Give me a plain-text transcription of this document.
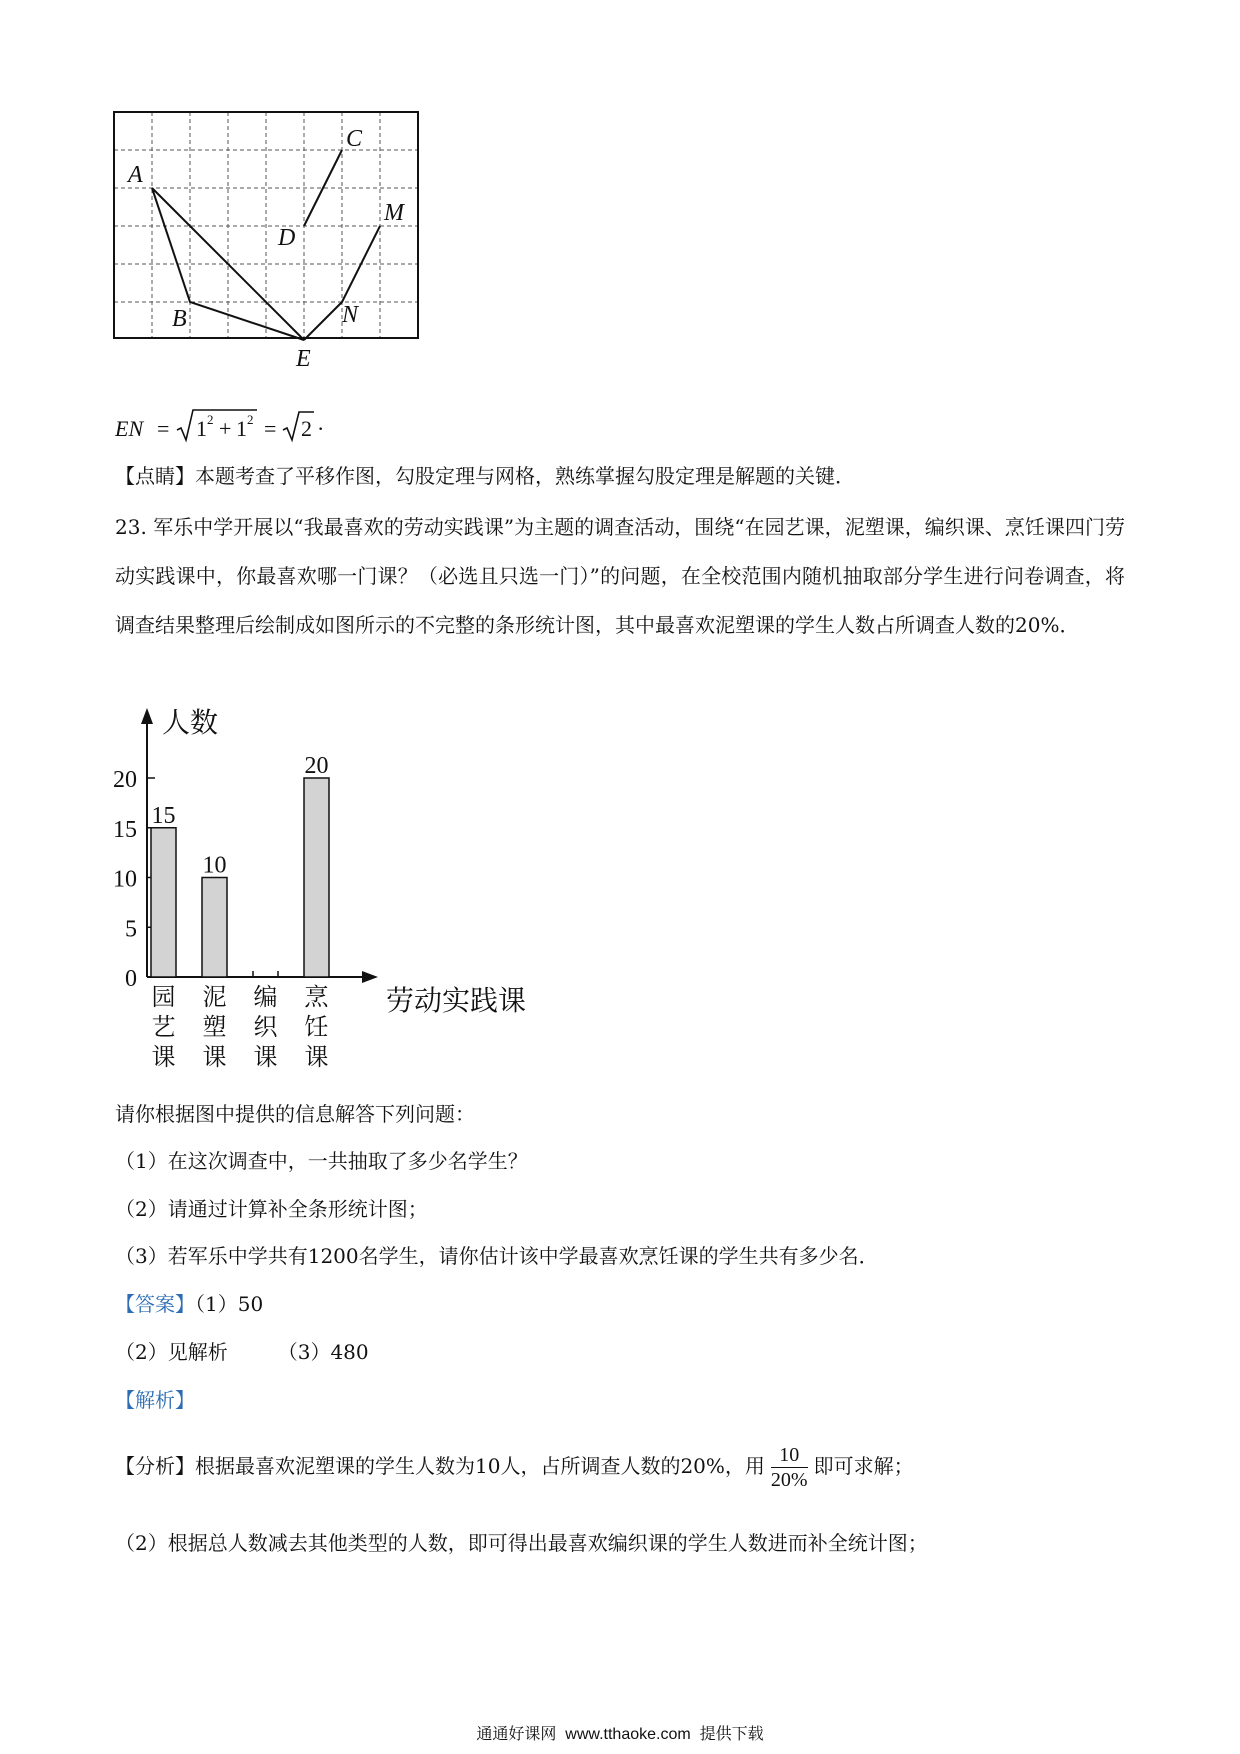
A
B
C
D
E
M
N
EN = 1 2 + 1 2 = 2 ·
【点睛】本题考查了平移作图，勾股定理与网格，熟练掌握勾股定理是解题的关键．
23. 军乐中学开展以“我最喜欢的劳动实践课”为主题的调查活动，围绕“在园艺课，泥塑课，编织课、烹饪课四门劳动实践课中，你最喜欢哪一门课？（必选且只选一门）”的问题，在全校范围内随机抽取部分学生进行问卷调查，将调查结果整理后绘制成如图所示的不完整的条形统计图，其中最喜欢泥塑课的学生人数占所调查人数的20%．
人数
劳动实践课
0
5
10
15
20
15
园
艺
课
10
泥
塑
课
编
织
课
20
烹
饪
课
请你根据图中提供的信息解答下列问题：
（1）在这次调查中，一共抽取了多少名学生？
（2）请通过计算补全条形统计图；
（3）若军乐中学共有1200名学生，请你估计该中学最喜欢烹饪课的学生共有多少名．
【答案】（1）50
（2）见解析	（3）480
【解析】
【分析】根据最喜欢泥塑课的学生人数为10人，占所调查人数的20%，用 $\frac{10}{20\%}$ 即可求解；
（2）根据总人数减去其他类型的人数，即可得出最喜欢编织课的学生人数进而补全统计图；
通通好课网  www.tthaoke.com  提供下载
